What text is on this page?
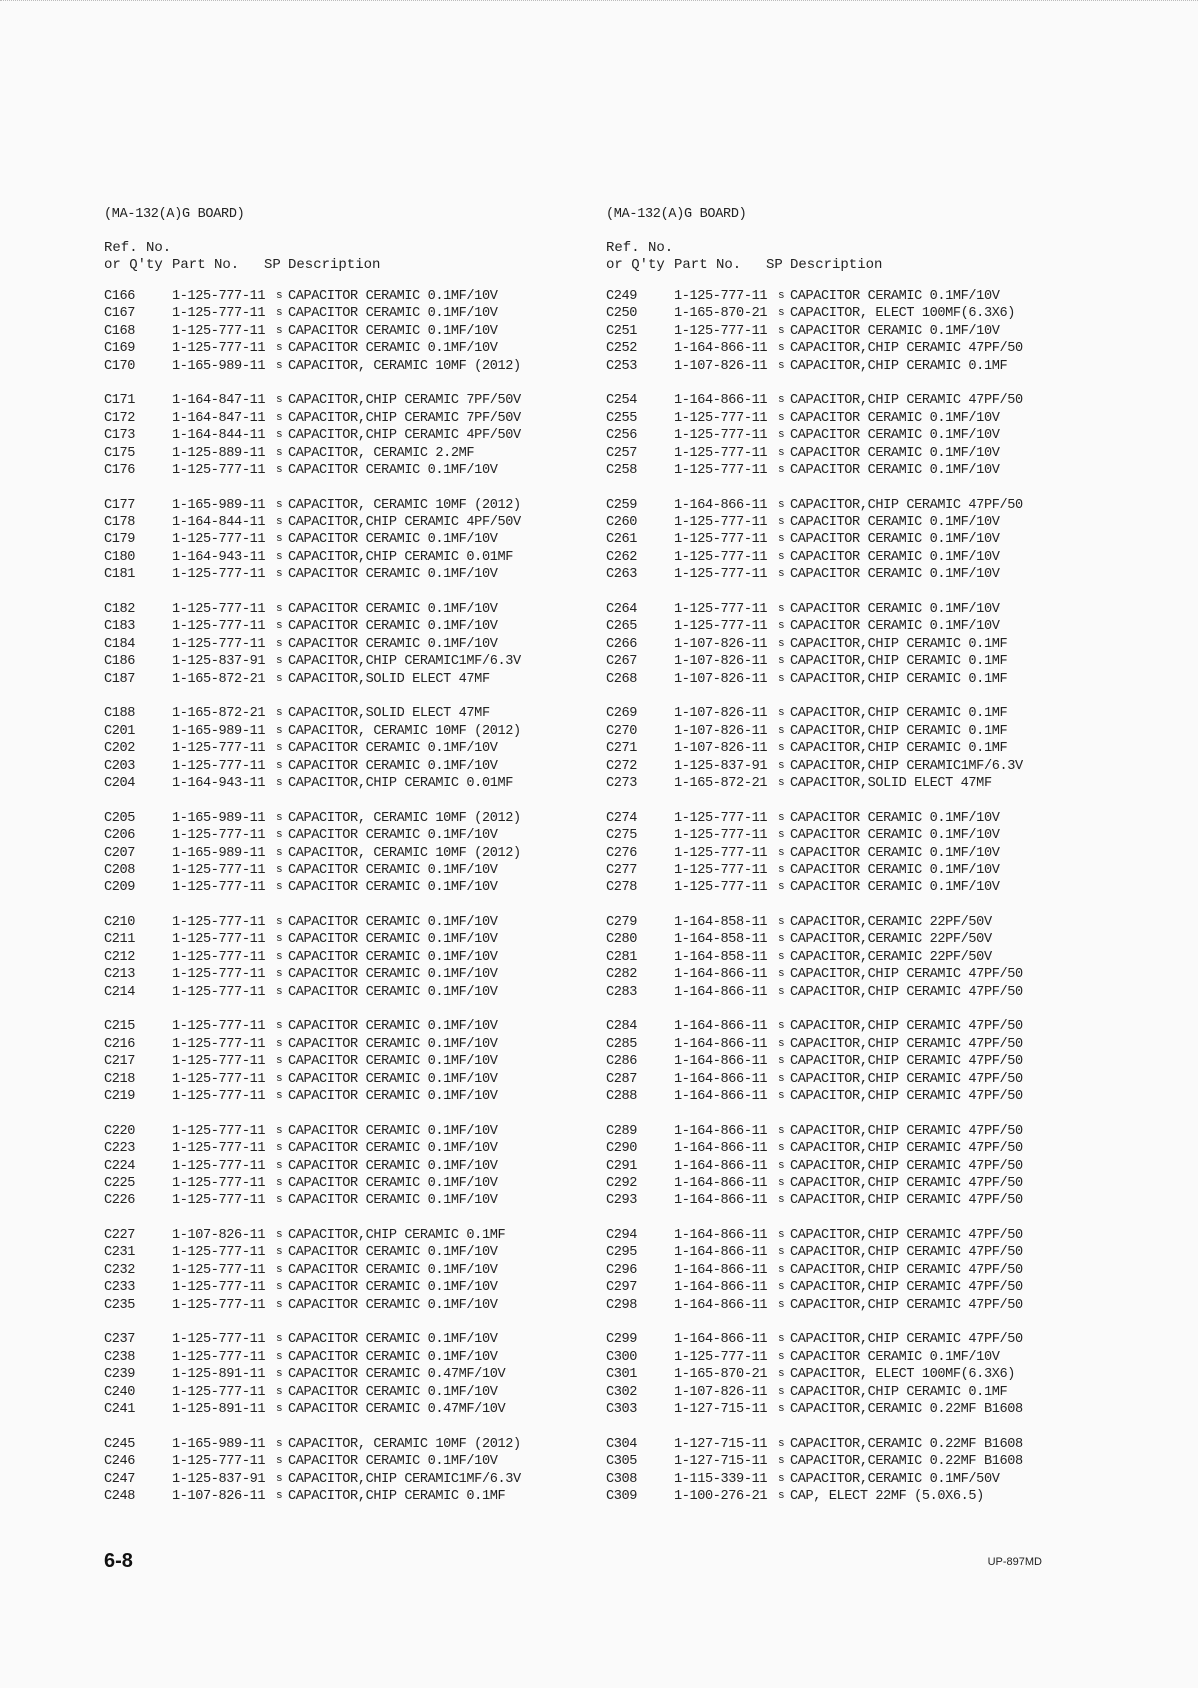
(MA-132(A)G BOARD)
Ref. No.
or Q'ty Part No.	SP Description
C166	1-125-777-11 s CAPACITOR CERAMIC 0.1MF/10V
C167	1-125-777-11 s CAPACITOR CERAMIC 0.1MF/10V
C168	1-125-777-11 s CAPACITOR CERAMIC 0.1MF/10V
C169	1-125-777-11 s CAPACITOR CERAMIC 0.1MF/10V
C170	1-165-989-11 s CAPACITOR, CERAMIC 10MF (2012)
C171	1-164-847-11 s CAPACITOR,CHIP CERAMIC 7PF/50V
C172	1-164-847-11 s CAPACITOR,CHIP CERAMIC 7PF/50V
C173	1-164-844-11 s CAPACITOR,CHIP CERAMIC 4PF/50V
C175	1-125-889-11 s CAPACITOR, CERAMIC 2.2MF
C176	1-125-777-11 s CAPACITOR CERAMIC 0.1MF/10V
C177	1-165-989-11 s CAPACITOR, CERAMIC 10MF (2012)
C178	1-164-844-11 s CAPACITOR,CHIP CERAMIC 4PF/50V
C179	1-125-777-11 s CAPACITOR CERAMIC 0.1MF/10V
C180	1-164-943-11 s CAPACITOR,CHIP CERAMIC 0.01MF
C181	1-125-777-11 s CAPACITOR CERAMIC 0.1MF/10V
C182	1-125-777-11 s CAPACITOR CERAMIC 0.1MF/10V
C183	1-125-777-11 s CAPACITOR CERAMIC 0.1MF/10V
C184	1-125-777-11 s CAPACITOR CERAMIC 0.1MF/10V
C186	1-125-837-91 s CAPACITOR,CHIP CERAMIC1MF/6.3V
C187	1-165-872-21 s CAPACITOR,SOLID ELECT 47MF
C188	1-165-872-21 s CAPACITOR,SOLID ELECT 47MF
C201	1-165-989-11 s CAPACITOR, CERAMIC 10MF (2012)
C202	1-125-777-11 s CAPACITOR CERAMIC 0.1MF/10V
C203	1-125-777-11 s CAPACITOR CERAMIC 0.1MF/10V
C204	1-164-943-11 s CAPACITOR,CHIP CERAMIC 0.01MF
C205	1-165-989-11 s CAPACITOR, CERAMIC 10MF (2012)
C206	1-125-777-11 s CAPACITOR CERAMIC 0.1MF/10V
C207	1-165-989-11 s CAPACITOR, CERAMIC 10MF (2012)
C208	1-125-777-11 s CAPACITOR CERAMIC 0.1MF/10V
C209	1-125-777-11 s CAPACITOR CERAMIC 0.1MF/10V
C210	1-125-777-11 s CAPACITOR CERAMIC 0.1MF/10V
C211	1-125-777-11 s CAPACITOR CERAMIC 0.1MF/10V
C212	1-125-777-11 s CAPACITOR CERAMIC 0.1MF/10V
C213	1-125-777-11 s CAPACITOR CERAMIC 0.1MF/10V
C214	1-125-777-11 s CAPACITOR CERAMIC 0.1MF/10V
C215	1-125-777-11 s CAPACITOR CERAMIC 0.1MF/10V
C216	1-125-777-11 s CAPACITOR CERAMIC 0.1MF/10V
C217	1-125-777-11 s CAPACITOR CERAMIC 0.1MF/10V
C218	1-125-777-11 s CAPACITOR CERAMIC 0.1MF/10V
C219	1-125-777-11 s CAPACITOR CERAMIC 0.1MF/10V
C220	1-125-777-11 s CAPACITOR CERAMIC 0.1MF/10V
C223	1-125-777-11 s CAPACITOR CERAMIC 0.1MF/10V
C224	1-125-777-11 s CAPACITOR CERAMIC 0.1MF/10V
C225	1-125-777-11 s CAPACITOR CERAMIC 0.1MF/10V
C226	1-125-777-11 s CAPACITOR CERAMIC 0.1MF/10V
C227	1-107-826-11 s CAPACITOR,CHIP CERAMIC 0.1MF
C231	1-125-777-11 s CAPACITOR CERAMIC 0.1MF/10V
C232	1-125-777-11 s CAPACITOR CERAMIC 0.1MF/10V
C233	1-125-777-11 s CAPACITOR CERAMIC 0.1MF/10V
C235	1-125-777-11 s CAPACITOR CERAMIC 0.1MF/10V
C237	1-125-777-11 s CAPACITOR CERAMIC 0.1MF/10V
C238	1-125-777-11 s CAPACITOR CERAMIC 0.1MF/10V
C239	1-125-891-11 s CAPACITOR CERAMIC 0.47MF/10V
C240	1-125-777-11 s CAPACITOR CERAMIC 0.1MF/10V
C241	1-125-891-11 s CAPACITOR CERAMIC 0.47MF/10V
C245	1-165-989-11 s CAPACITOR, CERAMIC 10MF (2012)
C246	1-125-777-11 s CAPACITOR CERAMIC 0.1MF/10V
C247	1-125-837-91 s CAPACITOR,CHIP CERAMIC1MF/6.3V
C248	1-107-826-11 s CAPACITOR,CHIP CERAMIC 0.1MF
(MA-132(A)G BOARD)
Ref. No.
or Q'ty Part No.	SP Description
C249	1-125-777-11 s CAPACITOR CERAMIC 0.1MF/10V
C250	1-165-870-21 s CAPACITOR, ELECT 100MF(6.3X6)
C251	1-125-777-11 s CAPACITOR CERAMIC 0.1MF/10V
C252	1-164-866-11 s CAPACITOR,CHIP CERAMIC 47PF/50
C253	1-107-826-11 s CAPACITOR,CHIP CERAMIC 0.1MF
C254	1-164-866-11 s CAPACITOR,CHIP CERAMIC 47PF/50
C255	1-125-777-11 s CAPACITOR CERAMIC 0.1MF/10V
C256	1-125-777-11 s CAPACITOR CERAMIC 0.1MF/10V
C257	1-125-777-11 s CAPACITOR CERAMIC 0.1MF/10V
C258	1-125-777-11 s CAPACITOR CERAMIC 0.1MF/10V
C259	1-164-866-11 s CAPACITOR,CHIP CERAMIC 47PF/50
C260	1-125-777-11 s CAPACITOR CERAMIC 0.1MF/10V
C261	1-125-777-11 s CAPACITOR CERAMIC 0.1MF/10V
C262	1-125-777-11 s CAPACITOR CERAMIC 0.1MF/10V
C263	1-125-777-11 s CAPACITOR CERAMIC 0.1MF/10V
C264	1-125-777-11 s CAPACITOR CERAMIC 0.1MF/10V
C265	1-125-777-11 s CAPACITOR CERAMIC 0.1MF/10V
C266	1-107-826-11 s CAPACITOR,CHIP CERAMIC 0.1MF
C267	1-107-826-11 s CAPACITOR,CHIP CERAMIC 0.1MF
C268	1-107-826-11 s CAPACITOR,CHIP CERAMIC 0.1MF
C269	1-107-826-11 s CAPACITOR,CHIP CERAMIC 0.1MF
C270	1-107-826-11 s CAPACITOR,CHIP CERAMIC 0.1MF
C271	1-107-826-11 s CAPACITOR,CHIP CERAMIC 0.1MF
C272	1-125-837-91 s CAPACITOR,CHIP CERAMIC1MF/6.3V
C273	1-165-872-21 s CAPACITOR,SOLID ELECT 47MF
C274	1-125-777-11 s CAPACITOR CERAMIC 0.1MF/10V
C275	1-125-777-11 s CAPACITOR CERAMIC 0.1MF/10V
C276	1-125-777-11 s CAPACITOR CERAMIC 0.1MF/10V
C277	1-125-777-11 s CAPACITOR CERAMIC 0.1MF/10V
C278	1-125-777-11 s CAPACITOR CERAMIC 0.1MF/10V
C279	1-164-858-11 s CAPACITOR,CERAMIC 22PF/50V
C280	1-164-858-11 s CAPACITOR,CERAMIC 22PF/50V
C281	1-164-858-11 s CAPACITOR,CERAMIC 22PF/50V
C282	1-164-866-11 s CAPACITOR,CHIP CERAMIC 47PF/50
C283	1-164-866-11 s CAPACITOR,CHIP CERAMIC 47PF/50
C284	1-164-866-11 s CAPACITOR,CHIP CERAMIC 47PF/50
C285	1-164-866-11 s CAPACITOR,CHIP CERAMIC 47PF/50
C286	1-164-866-11 s CAPACITOR,CHIP CERAMIC 47PF/50
C287	1-164-866-11 s CAPACITOR,CHIP CERAMIC 47PF/50
C288	1-164-866-11 s CAPACITOR,CHIP CERAMIC 47PF/50
C289	1-164-866-11 s CAPACITOR,CHIP CERAMIC 47PF/50
C290	1-164-866-11 s CAPACITOR,CHIP CERAMIC 47PF/50
C291	1-164-866-11 s CAPACITOR,CHIP CERAMIC 47PF/50
C292	1-164-866-11 s CAPACITOR,CHIP CERAMIC 47PF/50
C293	1-164-866-11 s CAPACITOR,CHIP CERAMIC 47PF/50
C294	1-164-866-11 s CAPACITOR,CHIP CERAMIC 47PF/50
C295	1-164-866-11 s CAPACITOR,CHIP CERAMIC 47PF/50
C296	1-164-866-11 s CAPACITOR,CHIP CERAMIC 47PF/50
C297	1-164-866-11 s CAPACITOR,CHIP CERAMIC 47PF/50
C298	1-164-866-11 s CAPACITOR,CHIP CERAMIC 47PF/50
C299	1-164-866-11 s CAPACITOR,CHIP CERAMIC 47PF/50
C300	1-125-777-11 s CAPACITOR CERAMIC 0.1MF/10V
C301	1-165-870-21 s CAPACITOR, ELECT 100MF(6.3X6)
C302	1-107-826-11 s CAPACITOR,CHIP CERAMIC 0.1MF
C303	1-127-715-11 s CAPACITOR,CERAMIC 0.22MF B1608
C304	1-127-715-11 s CAPACITOR,CERAMIC 0.22MF B1608
C305	1-127-715-11 s CAPACITOR,CERAMIC 0.22MF B1608
C308	1-115-339-11 s CAPACITOR,CERAMIC 0.1MF/50V
C309	1-100-276-21 s CAP, ELECT 22MF (5.0X6.5)
6-8	UP-897MD
